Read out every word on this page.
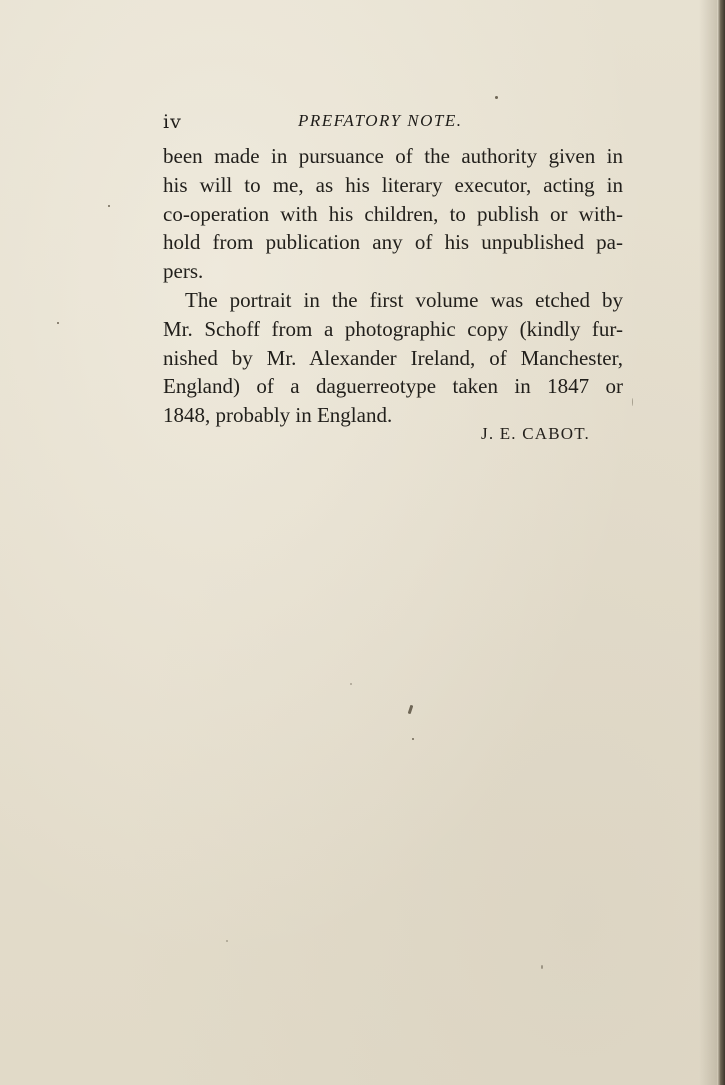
iv	PREFATORY NOTE.
been made in pursuance of the authority given in
his will to me, as his literary executor, acting in
co-operation with his children, to publish or with-
hold from publication any of his unpublished pa-
pers.
The portrait in the first volume was etched by
Mr. Schoff from a photographic copy (kindly fur-
nished by Mr. Alexander Ireland, of Manchester,
England) of a daguerreotype taken in 1847 or
1848, probably in England.
J. E. CABOT.
